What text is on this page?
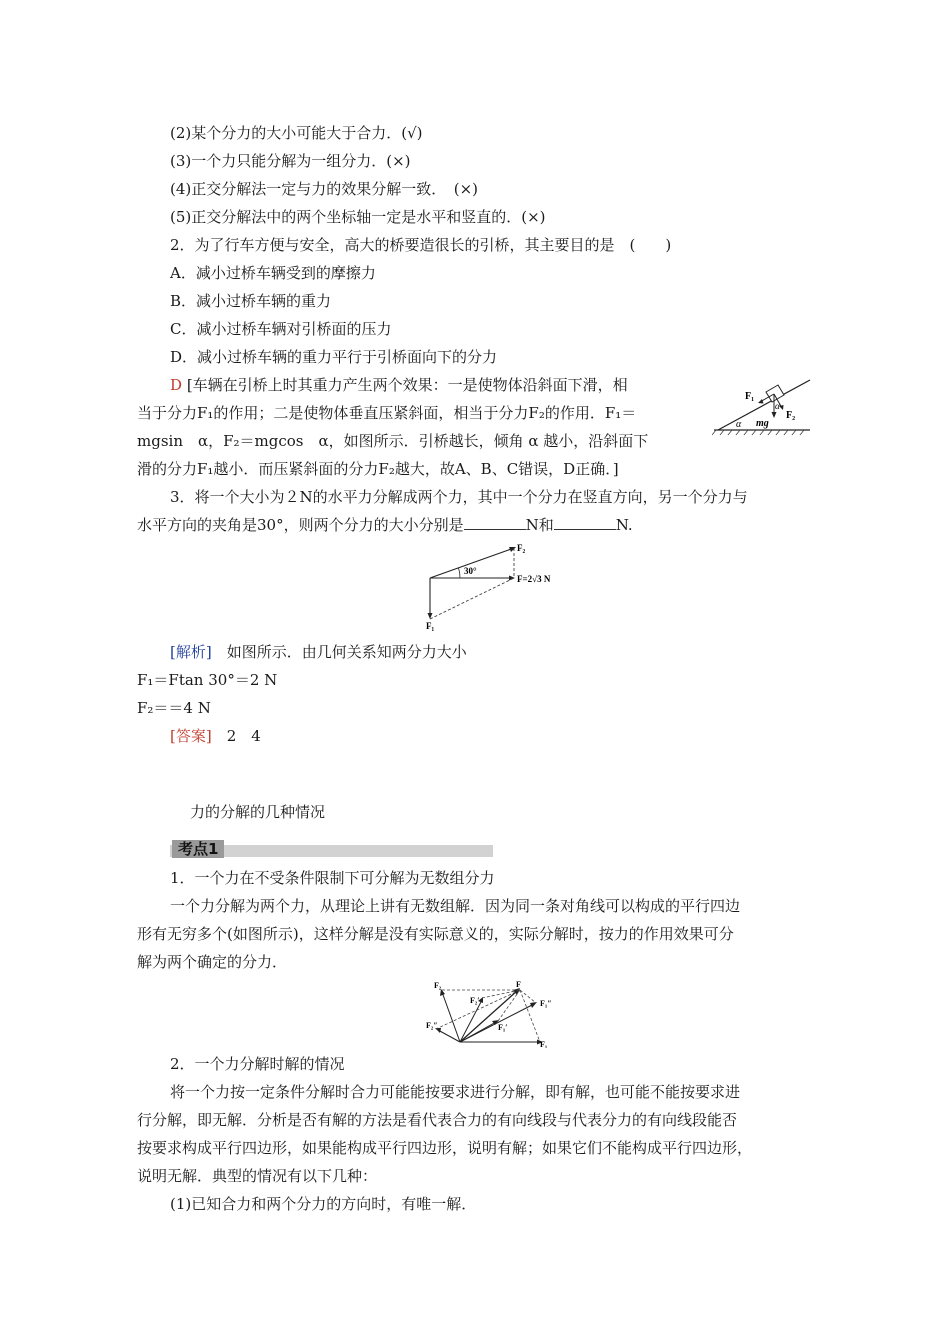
(2)某个分力的大小可能大于合力．(√)
(3)一个力只能分解为一组分力．(×)
(4)正交分解法一定与力的效果分解一致．　(×)
(5)正交分解法中的两个坐标轴一定是水平和竖直的．(×)
2．为了行车方便与安全，高大的桥要造很长的引桥，其主要目的是　(　　)
A．减小过桥车辆受到的摩擦力
B．减小过桥车辆的重力
C．减小过桥车辆对引桥面的压力
D．减小过桥车辆的重力平行于引桥面向下的分力
D [车辆在引桥上时其重力产生两个效果：一是使物体沿斜面下滑，相
当于分力F₁的作用；二是使物体垂直压紧斜面，相当于分力F₂的作用．F₁＝
mgsin　α，F₂＝mgcos　α，如图所示．引桥越长，倾角 α 越小，沿斜面下
滑的分力F₁越小．而压紧斜面的分力F₂越大，故A、B、C错误，D正确．]
F₁
F₂
α
α mg
3．将一个大小为２N的水平力分解成两个力，其中一个分力在竖直方向，另一个分力与
水平方向的夹角是30°，则两个分力的大小分别是	N和	N.
F₂
30°
F=2√3 N
F₁
[解析]　如图所示．由几何关系知两分力大小
F₁＝Ftan 30°＝2 N
F₂＝＝4 N
[答案]　2　4
力的分解的几种情况
考点1
1．一个力在不受条件限制下可分解为无数组分力
一个力分解为两个力，从理论上讲有无数组解．因为同一条对角线可以构成的平行四边
形有无穷多个(如图所示)，这样分解是没有实际意义的，实际分解时，按力的作用效果可分
解为两个确定的分力．
F₂
F₂′
F
F₁″
F₂″	F₁′
F₁
2．一个力分解时解的情况
将一个力按一定条件分解时合力可能能按要求进行分解，即有解，也可能不能按要求进
行分解，即无解．分析是否有解的方法是看代表合力的有向线段与代表分力的有向线段能否
按要求构成平行四边形，如果能构成平行四边形，说明有解；如果它们不能构成平行四边形，
说明无解．典型的情况有以下几种：
(1)已知合力和两个分力的方向时，有唯一解．
